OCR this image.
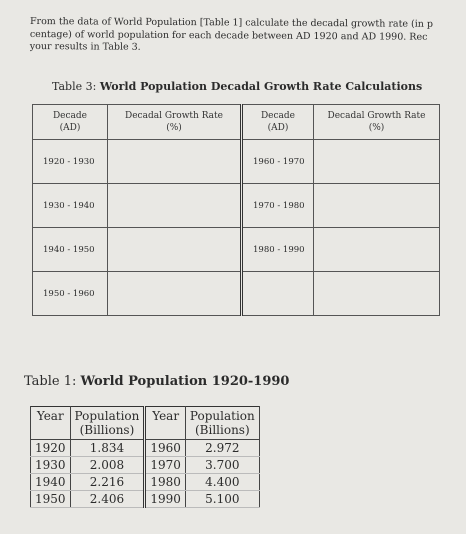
From the data of World Population [Table 1] calculate the decadal growth rate (in p
centage) of world population for each decade between AD 1920 and AD 1990. Rec
your results in Table 3.
Table 3: World Population Decadal Growth Rate Calculations
Decade
(AD)	Decadal Growth Rate
(%)	Decade
(AD)	Decadal Growth Rate
(%)
1920 - 1930		1960 - 1970	
1930 - 1940		1970 - 1980	
1940 - 1950		1980 - 1990	
1950 - 1960			
Table 1: World Population 1920-1990
Year	Population
(Billions)	Year	Population
(Billions)
1920	1.834	1960	2.972
1930	2.008	1970	3.700
1940	2.216	1980	4.400
1950	2.406	1990	5.100
